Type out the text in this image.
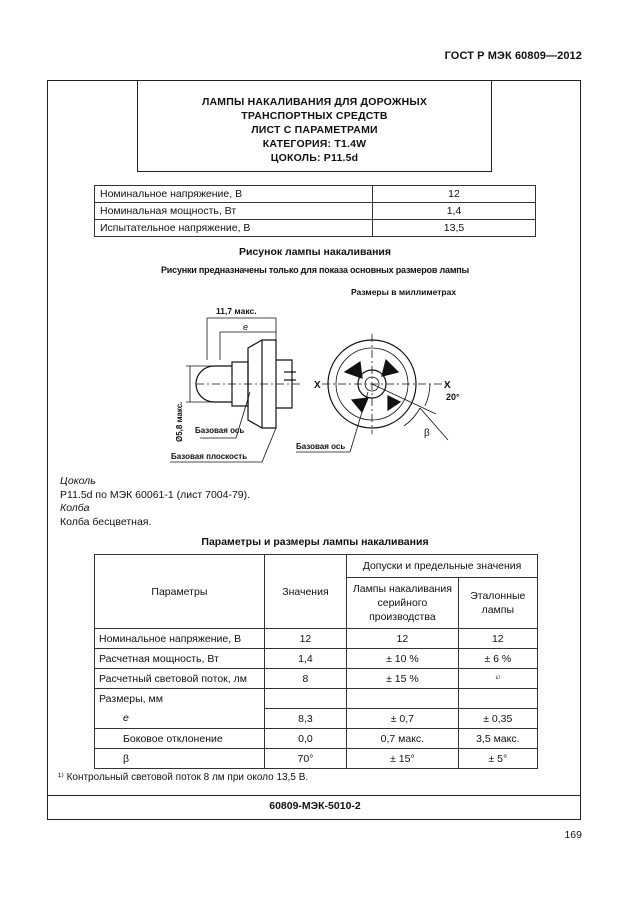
ГОСТ Р МЭК 60809—2012
ЛАМПЫ НАКАЛИВАНИЯ ДЛЯ ДОРОЖНЫХ
ТРАНСПОРТНЫХ СРЕДСТВ
ЛИСТ С ПАРАМЕТРАМИ
КАТЕГОРИЯ: Т1.4W
ЦОКОЛЬ: P11.5d
Номинальное напряжение, В	12
Номинальная мощность, Вт	1,4
Испытательное напряжение, В	13,5
Рисунок лампы накаливания
Рисунки предназначены только для показа основных размеров лампы
Размеры в миллиметрах
11,7 макс.
e
Ø5,8 макс. Базовая ось
Базовая плоскость
X	X
20°
β
Базовая ось
Цоколь
P11.5d по МЭК 60061-1 (лист 7004-79).
Колба
Колба бесцветная.
Параметры и размеры лампы накаливания
Параметры	Значения	Допуски и предельные значения	
		Лампы накаливания серийного производства	Эталонные лампы
Номинальное напряжение, В	12	12	12
Расчетная мощность, Вт	1,4	± 10 %	± 6 %
Расчетный световой поток, лм	8	± 15 %	¹⁾
Размеры, мм			
e	8,3	± 0,7	± 0,35
Боковое отклонение	0,0	0,7 макс.	3,5 макс.
β	70°	± 15°	± 5°
¹⁾ Контрольный световой поток 8 лм при около 13,5 В.
60809-МЭК-5010-2
169
